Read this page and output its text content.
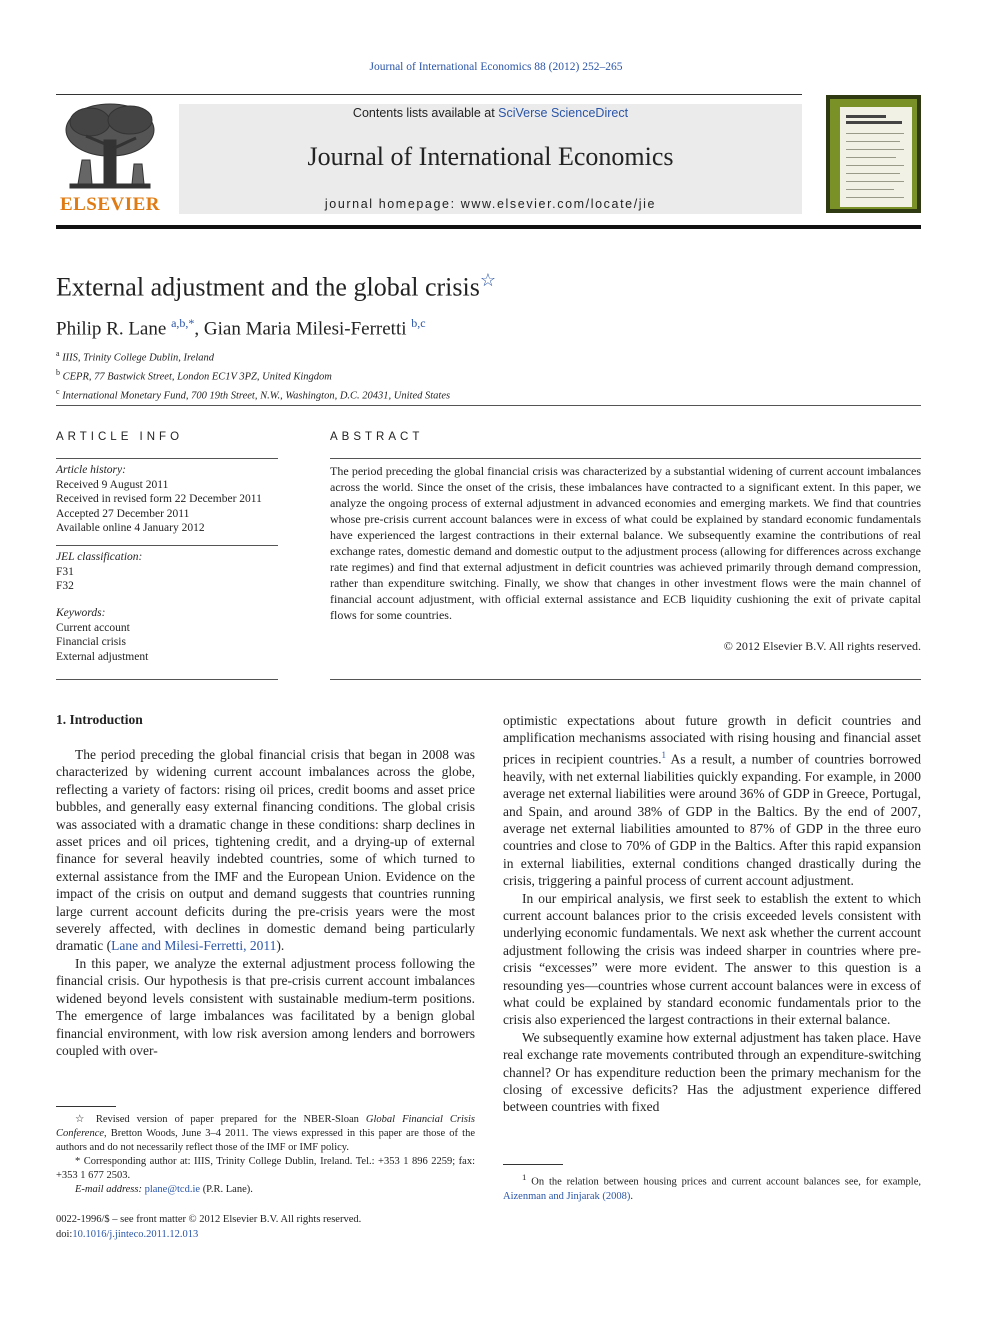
Journal of International Economics 88 (2012) 252–265
ELSEVIER
Contents lists available at SciVerse ScienceDirect
Journal of International Economics
journal homepage: www.elsevier.com/locate/jie
External adjustment and the global crisis☆
Philip R. Lane $^{a,b,*}$, Gian Maria Milesi-Ferretti $^{b,c}$
$^a$ IIIS, Trinity College Dublin, Ireland
$^b$ CEPR, 77 Bastwick Street, London EC1V 3PZ, United Kingdom
$^c$ International Monetary Fund, 700 19th Street, N.W., Washington, D.C. 20431, United States
ARTICLE INFO
Article history:
Received 9 August 2011
Received in revised form 22 December 2011
Accepted 27 December 2011
Available online 4 January 2012
JEL classification:
F31
F32
Keywords:
Current account
Financial crisis
External adjustment
ABSTRACT
The period preceding the global financial crisis was characterized by a substantial widening of current account imbalances across the world. Since the onset of the crisis, these imbalances have contracted to a significant extent. In this paper, we analyze the ongoing process of external adjustment in advanced economies and emerging markets. We find that countries whose pre-crisis current account balances were in excess of what could be explained by standard economic fundamentals have experienced the largest contractions in their external balance. We subsequently examine the contributions of real exchange rates, domestic demand and domestic output to the adjustment process (allowing for differences across exchange rate regimes) and find that external adjustment in deficit countries was achieved primarily through demand compression, rather than expenditure switching. Finally, we show that changes in other investment flows were the main channel of financial account adjustment, with official external assistance and ECB liquidity cushioning the exit of private capital flows for some countries.
© 2012 Elsevier B.V. All rights reserved.
1. Introduction

The period preceding the global financial crisis that began in 2008 was characterized by widening current account imbalances across the globe, reflecting a variety of factors: rising oil prices, credit booms and asset price bubbles, and generally easy external financing conditions. The global crisis was associated with a dramatic change in these conditions: sharp declines in asset prices and oil prices, tightening credit, and a drying-up of external finance for several heavily indebted countries, some of which turned to external assistance from the IMF and the European Union. Evidence on the impact of the crisis on output and demand suggests that countries running large current account deficits during the pre-crisis years were the most severely affected, with declines in domestic demand being particularly dramatic (Lane and Milesi-Ferretti, 2011).

In this paper, we analyze the external adjustment process following the financial crisis. Our hypothesis is that pre-crisis current account imbalances widened beyond levels consistent with sustainable medium-term positions. The emergence of large imbalances was facilitated by a benign global financial environment, with low risk aversion among lenders and borrowers coupled with over-

optimistic expectations about future growth in deficit countries and amplification mechanisms associated with rising housing and financial asset prices in recipient countries.$^1$ As a result, a number of countries borrowed heavily, with net external liabilities quickly expanding. For example, in 2000 average net external liabilities were around 36% of GDP in Greece, Portugal, and Spain, and around 38% of GDP in the Baltics. By the end of 2007, average net external liabilities amounted to 87% of GDP in the three euro countries and close to 70% of GDP in the Baltics. After this rapid expansion in external liabilities, external conditions changed drastically during the crisis, triggering a painful process of current account adjustment.

In our empirical analysis, we first seek to establish the extent to which current account balances prior to the crisis exceeded levels consistent with underlying economic fundamentals. We next ask whether the current account adjustment following the crisis was indeed sharper in countries where pre-crisis “excesses” were more evident. The answer to this question is a resounding yes—countries whose current account balances were in excess of what could be explained by standard economic fundamentals prior to the crisis also experienced the largest contractions in their external balance.

We subsequently examine how external adjustment has taken place. Have real exchange rate movements contributed through an expenditure-switching channel? Or has expenditure reduction been the primary mechanism for the closing of excessive deficits? Has the adjustment experience differed between countries with fixed

☆ Revised version of paper prepared for the NBER-Sloan Global Financial Crisis Conference, Bretton Woods, June 3–4 2011. The views expressed in this paper are those of the authors and do not necessarily reflect those of the IMF or IMF policy.

* Corresponding author at: IIIS, Trinity College Dublin, Ireland. Tel.: +353 1 896 2259; fax: +353 1 677 2503.

E-mail address: plane@tcd.ie (P.R. Lane).

$^1$ On the relation between housing prices and current account balances see, for example, Aizenman and Jinjarak (2008).

0022-1996/$ – see front matter © 2012 Elsevier B.V. All rights reserved.
doi:10.1016/j.jinteco.2011.12.013
